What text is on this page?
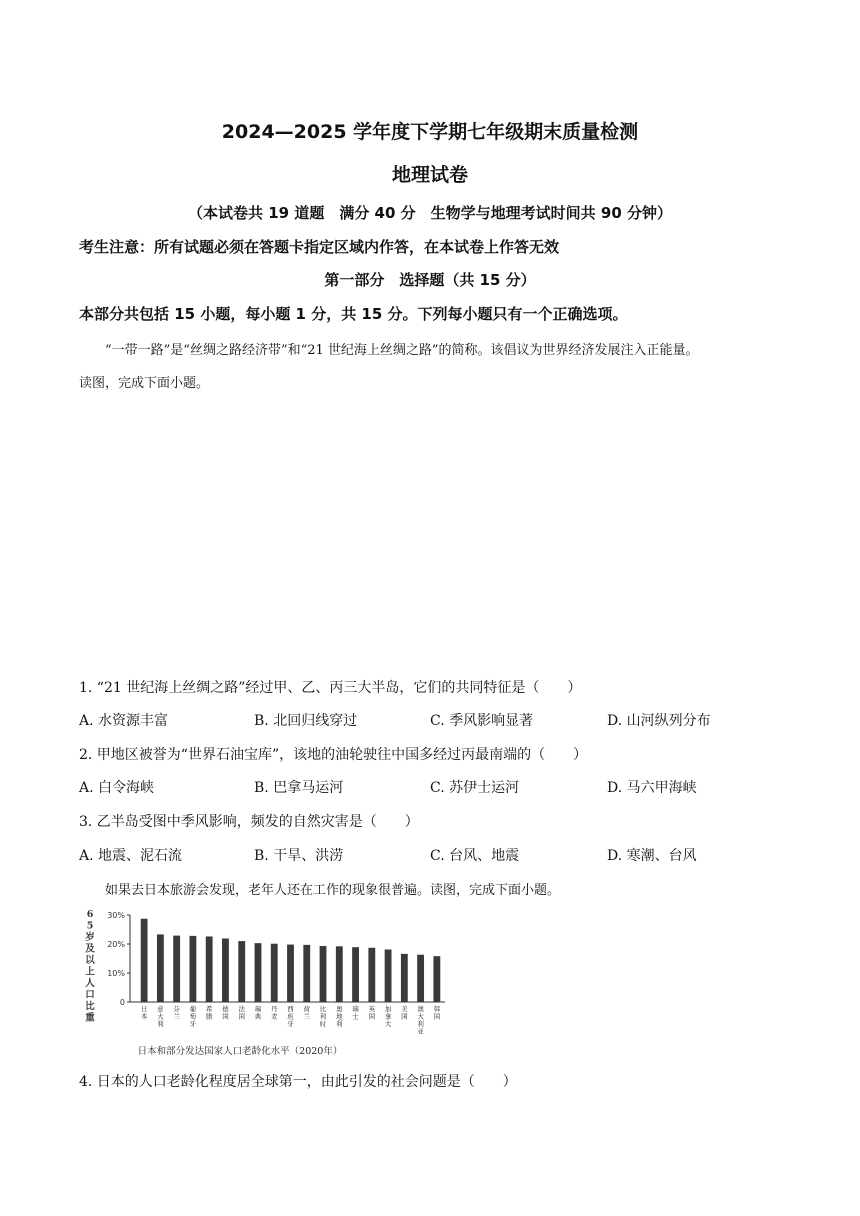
2024—2025 学年度下学期七年级期末质量检测
地理试卷
（本试卷共 19 道题　满分 40 分　生物学与地理考试时间共 90 分钟）
考生注意：所有试题必须在答题卡指定区域内作答，在本试卷上作答无效
第一部分　选择题（共 15 分）
本部分共包括 15 小题，每小题 1 分，共 15 分。下列每小题只有一个正确选项。
“一带一路”是“丝绸之路经济带”和“21 世纪海上丝绸之路”的简称。该倡议为世界经济发展注入正能量。
读图，完成下面小题。
1. “21 世纪海上丝绸之路”经过甲、乙、丙三大半岛，它们的共同特征是（　　）
A. 水资源丰富	B. 北回归线穿过	C. 季风影响显著	D. 山河纵列分布
2. 甲地区被誉为“世界石油宝库”，该地的油轮驶往中国多经过丙最南端的（　　）
A. 白令海峡	B. 巴拿马运河	C. 苏伊士运河	D. 马六甲海峡
3. 乙半岛受图中季风影响，频发的自然灾害是（　　）
A. 地震、泥石流	B. 干旱、洪涝	C. 台风、地震	D. 寒潮、台风
如果去日本旅游会发现，老年人还在工作的现象很普遍。读图，完成下面小题。
6
5
岁
及
以
上
人
口
比
重
30%
20%
10%
0
日本
意大利
芬兰
葡萄牙
希腊
德国
法国
瑞典
丹麦
西班牙
荷兰
比利时
奥地利
瑞士
英国
加拿大
美国
澳大利亚
韩国
日本和部分发达国家人口老龄化水平（2020年）
4. 日本的人口老龄化程度居全球第一，由此引发的社会问题是（　　）
